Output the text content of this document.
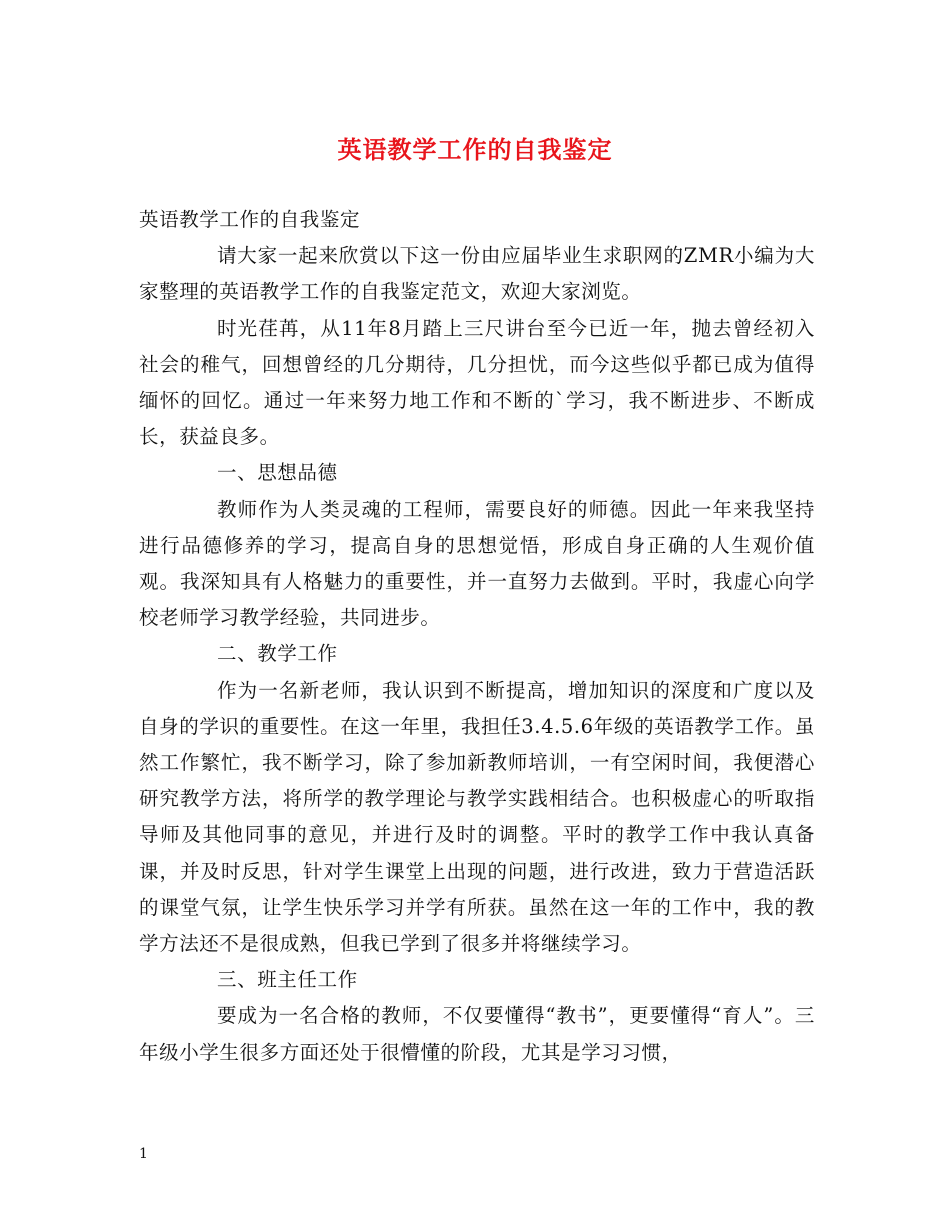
英语教学工作的自我鉴定

英语教学工作的自我鉴定

请大家一起来欣赏以下这一份由应届毕业生求职网的ZMR小编为大家整理的英语教学工作的自我鉴定范文，欢迎大家浏览。

时光荏苒，从11年8月踏上三尺讲台至今已近一年，抛去曾经初入社会的稚气，回想曾经的几分期待，几分担忧，而今这些似乎都已成为值得缅怀的回忆。通过一年来努力地工作和不断的`学习，我不断进步、不断成长，获益良多。

一、思想品德

教师作为人类灵魂的工程师，需要良好的师德。因此一年来我坚持进行品德修养的学习，提高自身的思想觉悟，形成自身正确的人生观价值观。我深知具有人格魅力的重要性，并一直努力去做到。平时，我虚心向学校老师学习教学经验，共同进步。

二、教学工作

作为一名新老师，我认识到不断提高，增加知识的深度和广度以及自身的学识的重要性。在这一年里，我担任3.4.5.6年级的英语教学工作。虽然工作繁忙，我不断学习，除了参加新教师培训，一有空闲时间，我便潜心研究教学方法，将所学的教学理论与教学实践相结合。也积极虚心的听取指导师及其他同事的意见，并进行及时的调整。平时的教学工作中我认真备课，并及时反思，针对学生课堂上出现的问题，进行改进，致力于营造活跃的课堂气氛，让学生快乐学习并学有所获。虽然在这一年的工作中，我的教学方法还不是很成熟，但我已学到了很多并将继续学习。

三、班主任工作

要成为一名合格的教师，不仅要懂得“教书”，更要懂得“育人”。三年级小学生很多方面还处于很懵懂的阶段，尤其是学习习惯，

1
